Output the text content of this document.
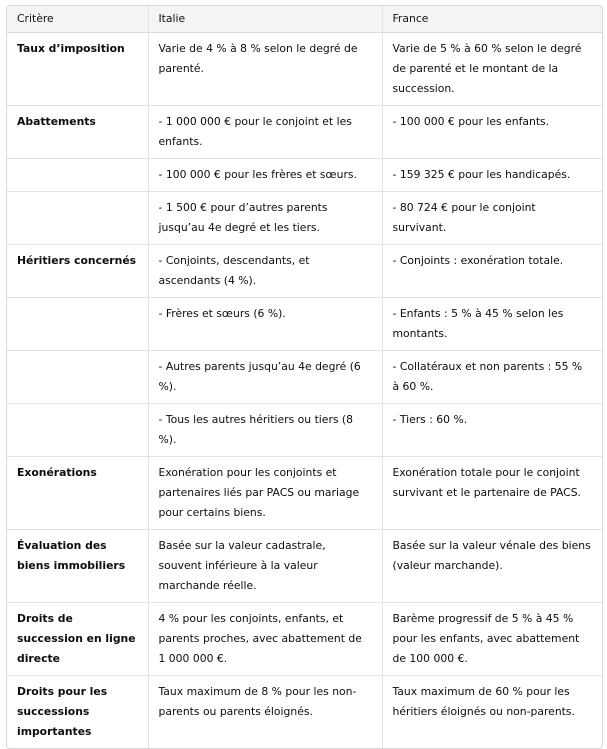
Critère	Italie	France
Taux d’imposition	Varie de 4 % à 8 % selon le degré de parenté.	Varie de 5 % à 60 % selon le degré de parenté et le montant de la succession.
Abattements	- 1 000 000 € pour le conjoint et les enfants.	- 100 000 € pour les enfants.
	- 100 000 € pour les frères et sœurs.	- 159 325 € pour les handicapés.
	- 1 500 € pour d’autres parents jusqu’au 4e degré et les tiers.	- 80 724 € pour le conjoint survivant.
Héritiers concernés	- Conjoints, descendants, et ascendants (4 %).	- Conjoints : exonération totale.
	- Frères et sœurs (6 %).	- Enfants : 5 % à 45 % selon les montants.
	- Autres parents jusqu’au 4e degré (6 %).	- Collatéraux et non parents : 55 % à 60 %.
	- Tous les autres héritiers ou tiers (8 %).	- Tiers : 60 %.
Exonérations	Exonération pour les conjoints et partenaires liés par PACS ou mariage pour certains biens.	Exonération totale pour le conjoint survivant et le partenaire de PACS.
Évaluation des biens immobiliers	Basée sur la valeur cadastrale, souvent inférieure à la valeur marchande réelle.	Basée sur la valeur vénale des biens (valeur marchande).
Droits de succession en ligne directe	4 % pour les conjoints, enfants, et parents proches, avec abattement de 1 000 000 €.	Barème progressif de 5 % à 45 % pour les enfants, avec abattement de 100 000 €.
Droits pour les successions importantes	Taux maximum de 8 % pour les non-parents ou parents éloignés.	Taux maximum de 60 % pour les héritiers éloignés ou non-parents.
